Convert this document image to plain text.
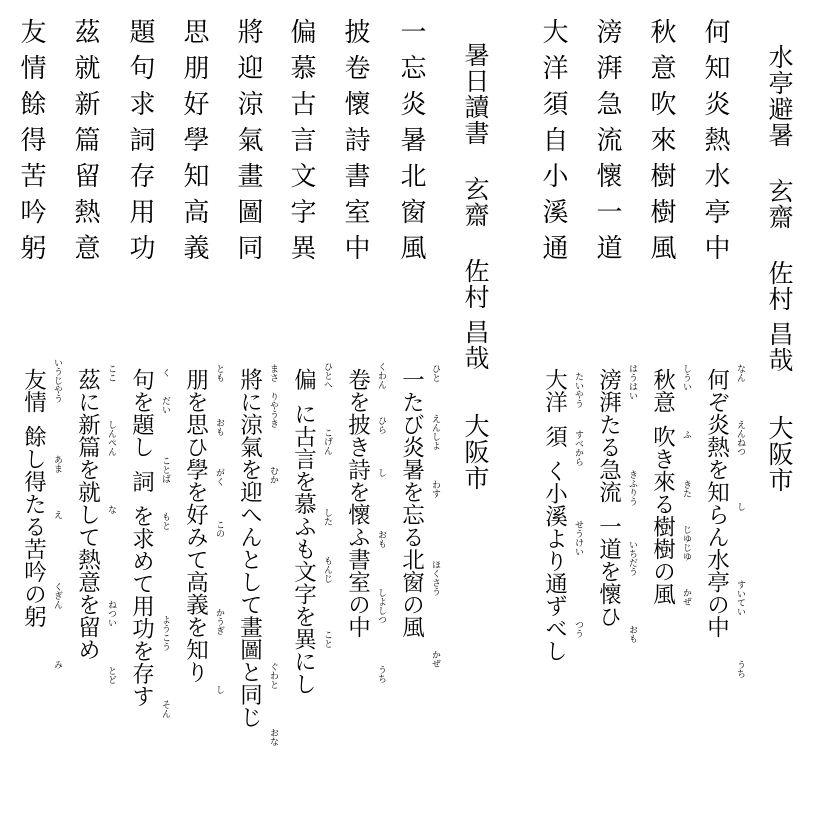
水亭避暑玄齋佐村 昌哉大阪市
何知炎熱水亭中
秋意吹來樹樹風
滂湃急流懷一道
大洋須自小溪通
何ぞ炎熱を知らん水亭の中
秋意吹き來る樹樹の風
滂湃たる急流一道を懷ひ
大洋須く小溪より通ずべし
なん
えんねつ
し
すいてい
うち
しうい
ふ
きた
じゆじゆ
かぜ
はうはい
きふりう
いちだう
おも
たいやう
すべから
せうけい
つう
暑日讀書玄齋佐村 昌哉大阪市
一忘炎暑北窗風
披卷懷詩書室中
偏慕古言文字異
將迎涼氣畫圖同
思朋好學知高義
題句求詞存用功
茲就新篇留熱意
友情餘得苦吟躬
一たび炎暑を忘る北窗の風
卷を披き詩を懷ふ書室の中
偏に古言を慕ふも文字を異にし
將に涼氣を迎へんとして畫圖と同じ
朋を思ひ學を好みて高義を知り
句を題し詞を求めて用功を存す
茲に新篇を就して熱意を留め
友情餘し得たる苦吟の躬
ひと
えんしよ
わす
ほくさう
かぜ
くわん
ひら
し
おも
しよしつ
うち
ひとへ
こげん
した
もんじ
こと
まさ
りやうき
むか
ぐわと
おな
とも
おも
がく
この
かうぎ
し
く
だい
ことば
もと
ようこう
そん
ここ
しんぺん
な
ねつい
とど
いうじやう
あま
え
くぎん
み
